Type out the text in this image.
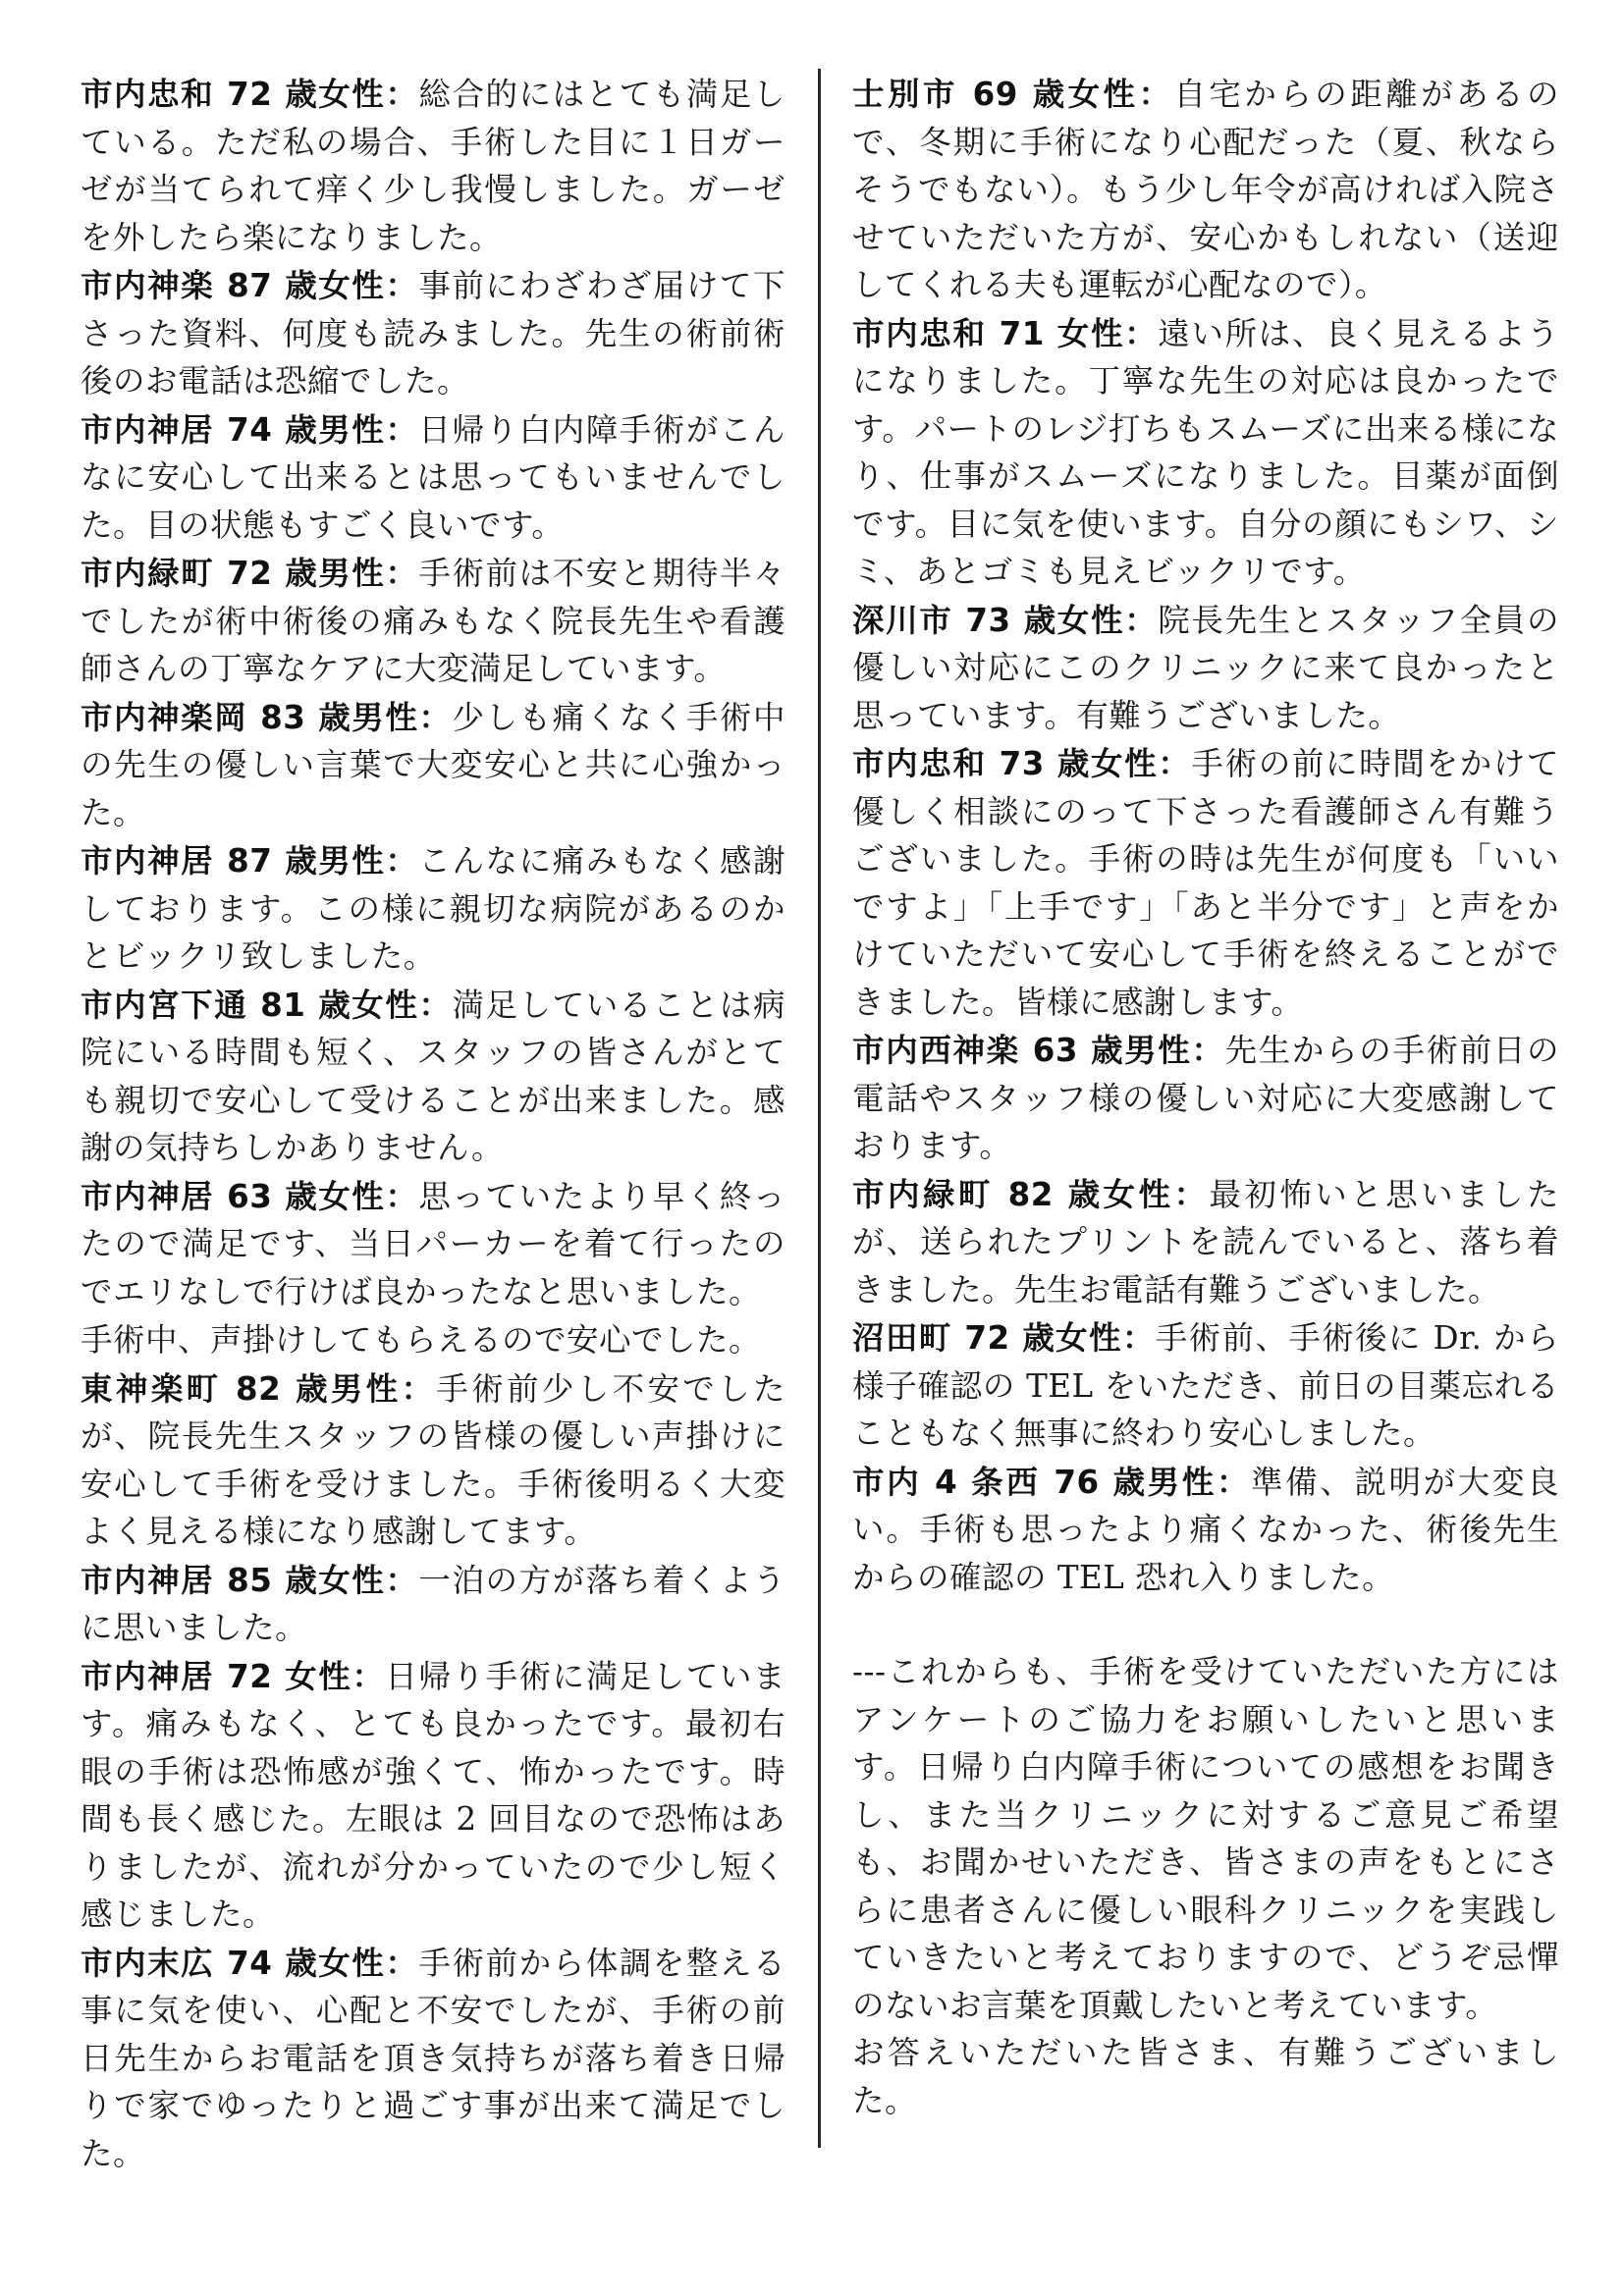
市内忠和 72 歳女性：総合的にはとても満足している。ただ私の場合、手術した目に１日ガーゼが当てられて痒く少し我慢しました。ガーゼを外したら楽になりました。

市内神楽 87 歳女性：事前にわざわざ届けて下さった資料、何度も読みました。先生の術前術後のお電話は恐縮でした。

市内神居 74 歳男性：日帰り白内障手術がこんなに安心して出来るとは思ってもいませんでした。目の状態もすごく良いです。

市内緑町 72 歳男性：手術前は不安と期待半々でしたが術中術後の痛みもなく院長先生や看護師さんの丁寧なケアに大変満足しています。

市内神楽岡 83 歳男性：少しも痛くなく手術中の先生の優しい言葉で大変安心と共に心強かった。

市内神居 87 歳男性：こんなに痛みもなく感謝しております。この様に親切な病院があるのかとビックリ致しました。

市内宮下通 81 歳女性：満足していることは病院にいる時間も短く、スタッフの皆さんがとても親切で安心して受けることが出来ました。感謝の気持ちしかありません。

市内神居 63 歳女性：思っていたより早く終ったので満足です、当日パーカーを着て行ったのでエリなしで行けば良かったなと思いました。

手術中、声掛けしてもらえるので安心でした。

東神楽町 82 歳男性：手術前少し不安でしたが、院長先生スタッフの皆様の優しい声掛けに安心して手術を受けました。手術後明るく大変よく見える様になり感謝してます。

市内神居 85 歳女性：一泊の方が落ち着くように思いました。

市内神居 72 女性：日帰り手術に満足しています。痛みもなく、とても良かったです。最初右眼の手術は恐怖感が強くて、怖かったです。時間も長く感じた。左眼は 2 回目なので恐怖はありましたが、流れが分かっていたので少し短く感じました。

市内末広 74 歳女性：手術前から体調を整える事に気を使い、心配と不安でしたが、手術の前日先生からお電話を頂き気持ちが落ち着き日帰りで家でゆったりと過ごす事が出来て満足でした。

士別市 69 歳女性：自宅からの距離があるので、冬期に手術になり心配だった（夏、秋ならそうでもない）。もう少し年令が高ければ入院させていただいた方が、安心かもしれない（送迎してくれる夫も運転が心配なので）。

市内忠和 71 女性：遠い所は、良く見えるようになりました。丁寧な先生の対応は良かったです。パートのレジ打ちもスムーズに出来る様になり、仕事がスムーズになりました。目薬が面倒です。目に気を使います。自分の顔にもシワ、シミ、あとゴミも見えビックリです。

深川市 73 歳女性：院長先生とスタッフ全員の優しい対応にこのクリニックに来て良かったと思っています。有難うございました。

市内忠和 73 歳女性：手術の前に時間をかけて優しく相談にのって下さった看護師さん有難うございました。手術の時は先生が何度も「いいですよ」「上手です」「あと半分です」と声をかけていただいて安心して手術を終えることができました。皆様に感謝します。

市内西神楽 63 歳男性：先生からの手術前日の電話やスタッフ様の優しい対応に大変感謝しております。

市内緑町 82 歳女性：最初怖いと思いましたが、送られたプリントを読んでいると、落ち着きました。先生お電話有難うございました。

沼田町 72 歳女性：手術前、手術後に Dr. から様子確認の TEL をいただき、前日の目薬忘れることもなく無事に終わり安心しました。

市内 4 条西 76 歳男性：準備、説明が大変良い。手術も思ったより痛くなかった、術後先生からの確認の TEL 恐れ入りました。

---これからも、手術を受けていただいた方にはアンケートのご協力をお願いしたいと思います。日帰り白内障手術についての感想をお聞きし、また当クリニックに対するご意見ご希望も、お聞かせいただき、皆さまの声をもとにさらに患者さんに優しい眼科クリニックを実践していきたいと考えておりますので、どうぞ忌憚のないお言葉を頂戴したいと考えています。

お答えいただいた皆さま、有難うございました。
